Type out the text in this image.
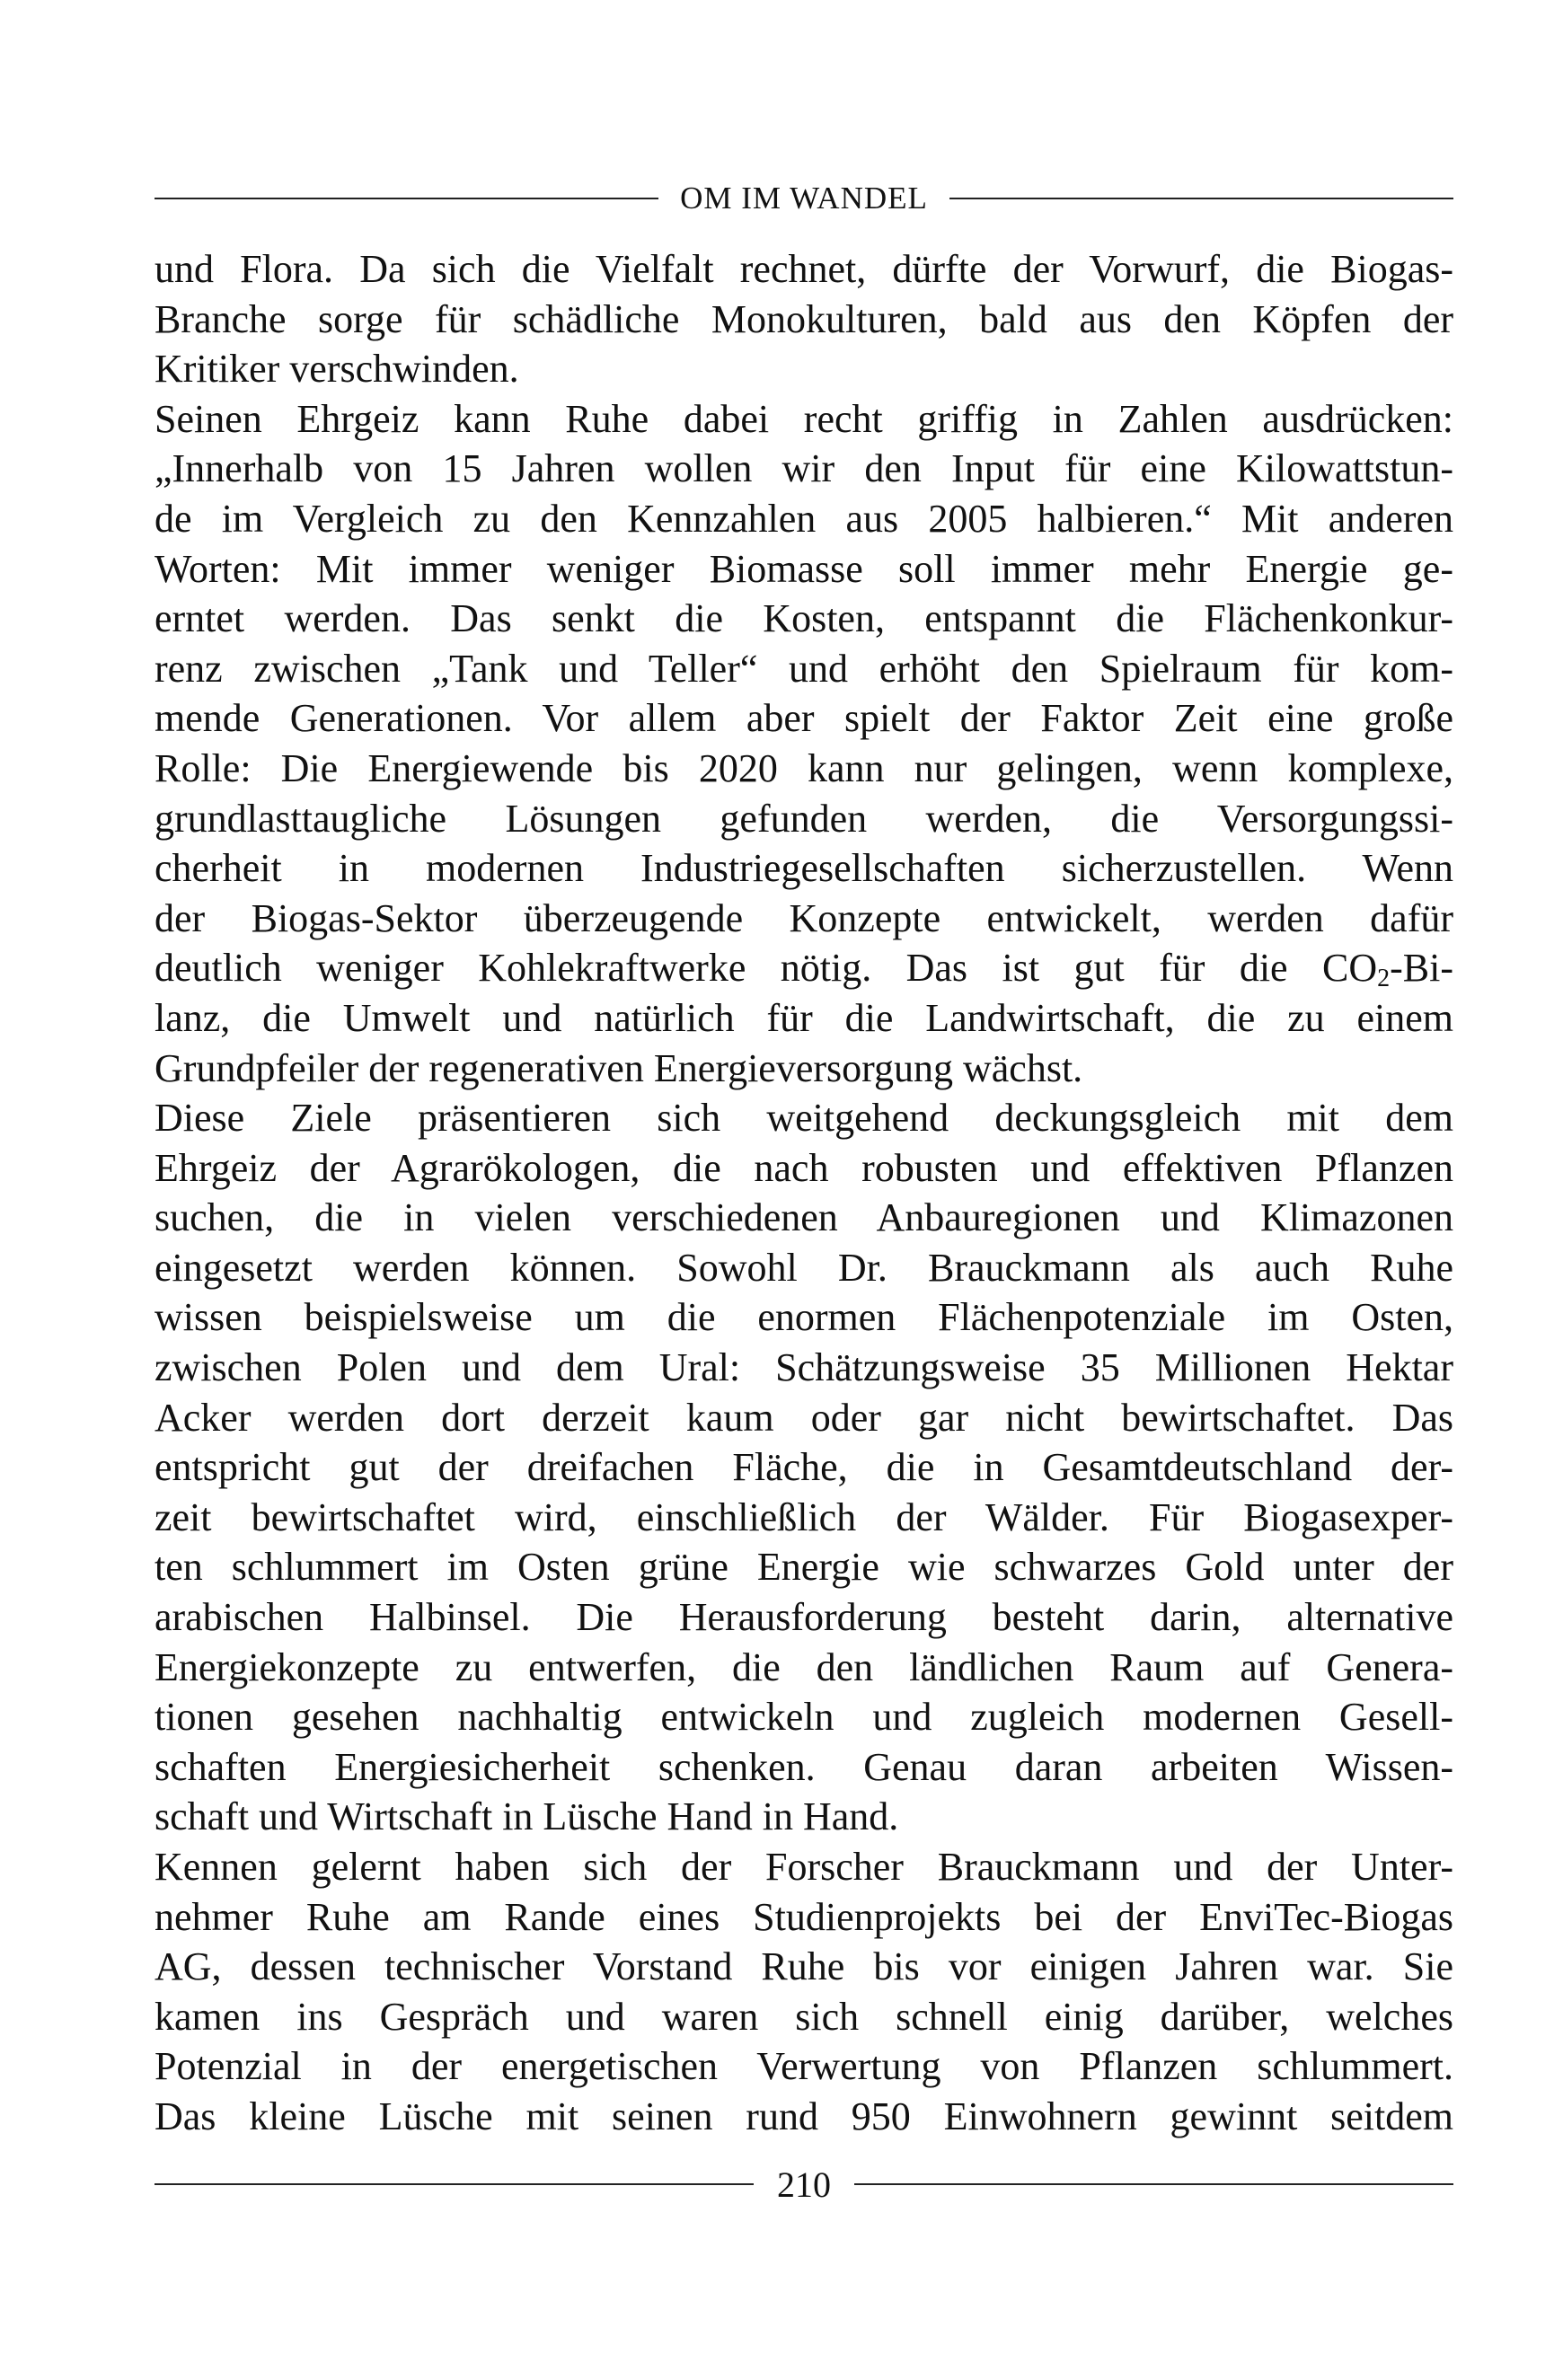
OM IM WANDEL

und Flora. Da sich die Vielfalt rechnet, dürfte der Vorwurf, die Biogas-
Branche sorge für schädliche Monokulturen, bald aus den Köpfen der
Kritiker verschwinden.

Seinen Ehrgeiz kann Ruhe dabei recht griffig in Zahlen ausdrücken:
„Innerhalb von 15 Jahren wollen wir den Input für eine Kilowattstun-
de im Vergleich zu den Kennzahlen aus 2005 halbieren.“ Mit anderen
Worten: Mit immer weniger Biomasse soll immer mehr Energie ge-
erntet werden. Das senkt die Kosten, entspannt die Flächenkonkur-
renz zwischen „Tank und Teller“ und erhöht den Spielraum für kom-
mende Generationen. Vor allem aber spielt der Faktor Zeit eine große
Rolle: Die Energiewende bis 2020 kann nur gelingen, wenn komplexe,
grundlasttaugliche Lösungen gefunden werden, die Versorgungssi-
cherheit in modernen Industriegesellschaften sicherzustellen. Wenn
der Biogas-Sektor überzeugende Konzepte entwickelt, werden dafür
deutlich weniger Kohlekraftwerke nötig. Das ist gut für die $CO_2-Bi-$
lanz, die Umwelt und natürlich für die Landwirtschaft, die zu einem
Grundpfeiler der regenerativen Energieversorgung wächst.

Diese Ziele präsentieren sich weitgehend deckungsgleich mit dem
Ehrgeiz der Agrarökologen, die nach robusten und effektiven Pflanzen
suchen, die in vielen verschiedenen Anbauregionen und Klimazonen
eingesetzt werden können. Sowohl Dr. Brauckmann als auch Ruhe
wissen beispielsweise um die enormen Flächenpotenziale im Osten,
zwischen Polen und dem Ural: Schätzungsweise 35 Millionen Hektar
Acker werden dort derzeit kaum oder gar nicht bewirtschaftet. Das
entspricht gut der dreifachen Fläche, die in Gesamtdeutschland der-
zeit bewirtschaftet wird, einschließlich der Wälder. Für Biogasexper-
ten schlummert im Osten grüne Energie wie schwarzes Gold unter der
arabischen Halbinsel. Die Herausforderung besteht darin, alternative
Energiekonzepte zu entwerfen, die den ländlichen Raum auf Genera-
tionen gesehen nachhaltig entwickeln und zugleich modernen Gesell-
schaften Energiesicherheit schenken. Genau daran arbeiten Wissen-
schaft und Wirtschaft in Lüsche Hand in Hand.

Kennen gelernt haben sich der Forscher Brauckmann und der Unter-
nehmer Ruhe am Rande eines Studienprojekts bei der EnviTec-Biogas
AG, dessen technischer Vorstand Ruhe bis vor einigen Jahren war. Sie
kamen ins Gespräch und waren sich schnell einig darüber, welches
Potenzial in der energetischen Verwertung von Pflanzen schlummert.
Das kleine Lüsche mit seinen rund 950 Einwohnern gewinnt seitdem

210
